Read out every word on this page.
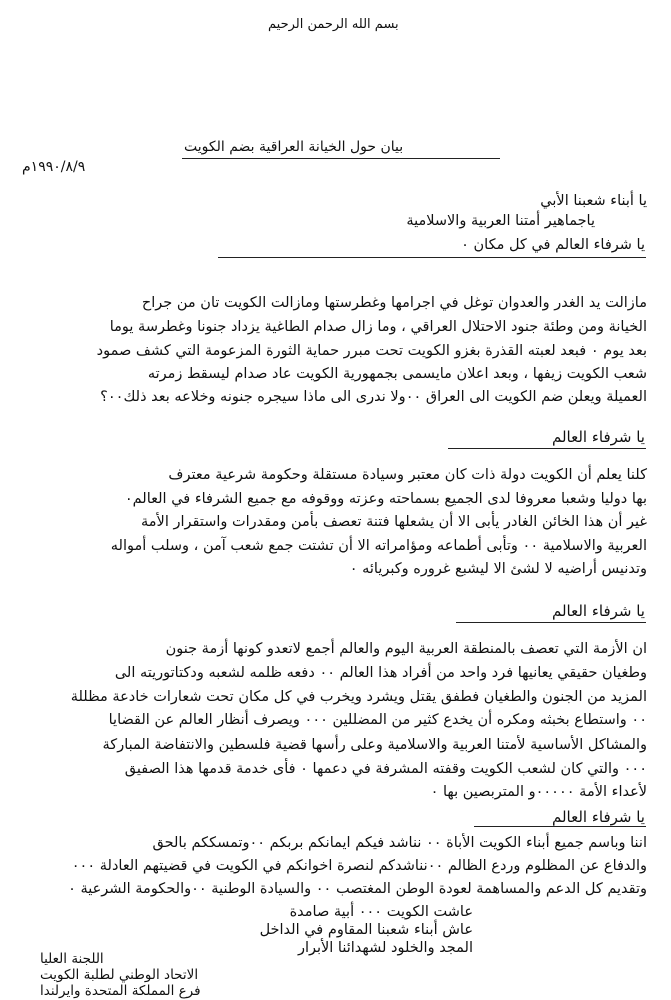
بسم الله الرحمن الرحيم
بيان حول الخيانة العراقية بضم الكويت
١٩٩٠/٨/٩م
يا أبناء شعبنا الأبي
ياجماهير أمتنا العربية والاسلامية
يا شرفاء العالم في كل مكان ٠
مازالت يد الغدر والعدوان توغل في اجرامها وغطرستها ومازالت الكويت تان من جراح
الخيانة ومن وطئة جنود الاحتلال العراقي ، وما زال صدام الطاغية يزداد جنونا وغطرسة يوما
بعد يوم ٠ فبعد لعبته القذرة بغزو الكويت تحت مبرر حماية الثورة المزعومة التي كشف صمود
شعب الكويت زيفها ، وبعد اعلان مايسمى بجمهورية الكويت عاد صدام ليسقط زمرته
العميلة ويعلن ضم الكويت الى العراق ٠٠ولا ندرى الى ماذا سيجره جنونه وخلاعه بعد ذلك٠٠؟
يا شرفاء العالم
كلنا يعلم أن الكويت دولة ذات كان معتبر وسيادة مستقلة وحكومة شرعية معترف
بها دوليا وشعبا معروفا لدى الجميع بسماحته وعزته ووقوفه مع جميع الشرفاء في العالم٠
غير أن هذا الخائن الغادر يأبى الا أن يشعلها فتنة تعصف بأمن ومقدرات واستقرار الأمة
العربية والاسلامية ٠٠ وتأبى أطماعه ومؤامراته الا أن تشتت جمع شعب آمن ، وسلب أمواله
وتدنيس أراضيه لا لشئ الا ليشبع غروره وكبريائه ٠
يا شرفاء العالم
ان الأزمة التي تعصف بالمنطقة العربية اليوم والعالم أجمع لاتعدو كونها أزمة جنون
وطغيان حقيقي يعانيها فرد واحد من أفراد هذا العالم ٠٠ دفعه ظلمه لشعبه ودكتاتوريته الى
المزيد من الجنون والطغيان فطفق يقتل ويشرد ويخرب في كل مكان تحت شعارات خادعة مظللة
٠٠ واستطاع بخبثه ومكره أن يخدع كثير من المضللين ٠٠٠ ويصرف أنظار العالم عن القضايا
والمشاكل الأساسية لأمتنا العربية والاسلامية وعلى رأسها قضية فلسطين والانتفاضة المباركة
٠٠٠ والتي كان لشعب الكويت وقفته المشرفة في دعمها ٠ فأى خدمة قدمها هذا الصفيق
لأعداء الأمة ٠٠٠٠٠و المتربصين بها ٠
يا شرفاء العالم
اننا وباسم جميع أبناء الكويت الأباة ٠٠ نناشد فيكم ايمانكم بربكم ٠٠وتمسككم بالحق
والدفاع عن المظلوم وردع الظالم ٠٠نناشدكم لنصرة اخوانكم في الكويت في قضيتهم العادلة ٠٠٠
وتقديم كل الدعم والمساهمة لعودة الوطن المغتصب ٠٠ والسيادة الوطنية ٠٠والحكومة الشرعية ٠
عاشت الكويت ٠٠٠ أبية صامدة
عاش أبناء شعبنا المقاوم في الداخل
المجد والخلود لشهدائنا الأبرار
اللجنة العليا
الاتحاد الوطني لطلبة الكويت
فرع المملكة المتحدة وايرلندا
